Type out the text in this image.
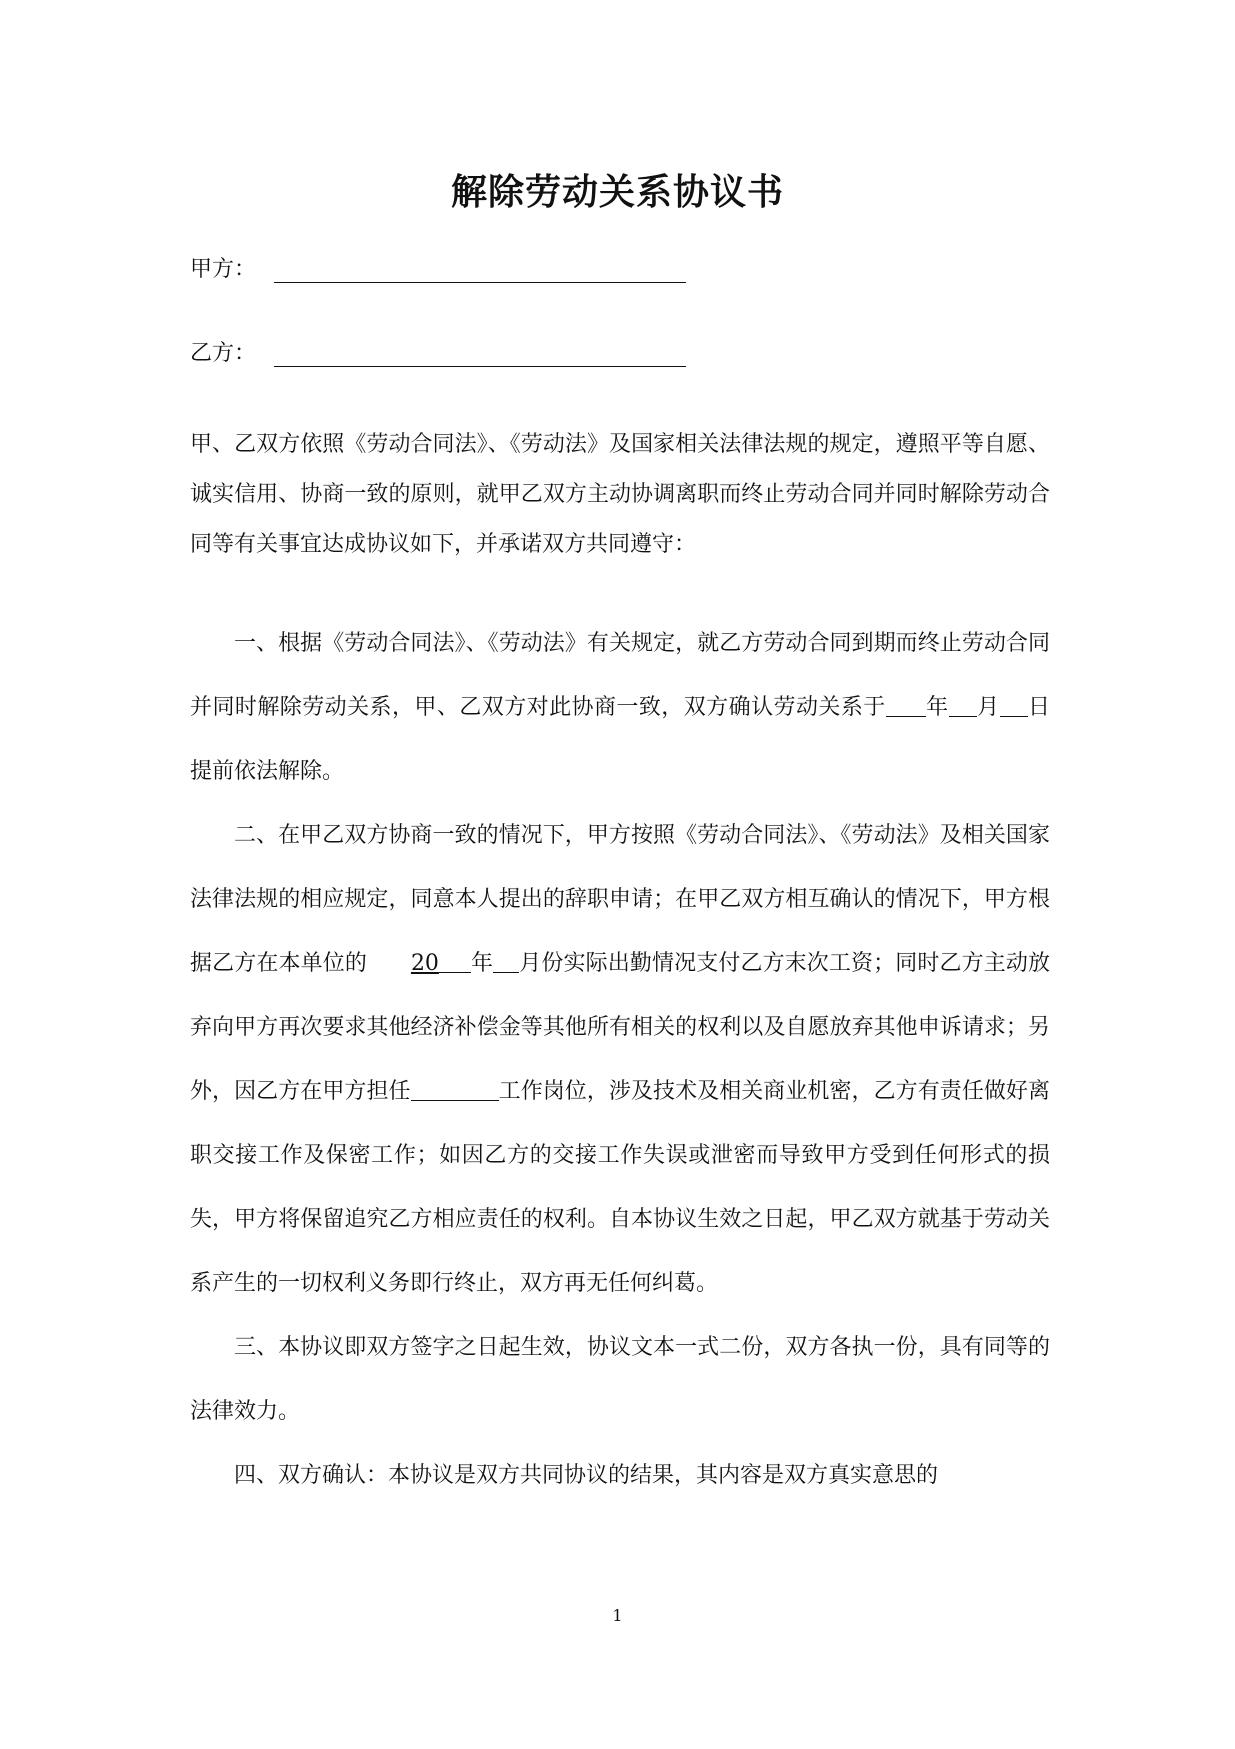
解除劳动关系协议书
甲方：
乙方：
甲、乙双方依照《劳动合同法》、《劳动法》及国家相关法律法规的规定，遵照平等自愿、诚实信用、协商一致的原则，就甲乙双方主动协调离职而终止劳动合同并同时解除劳动合同等有关事宜达成协议如下，并承诺双方共同遵守：

一、根据《劳动合同法》、《劳动法》有关规定，就乙方劳动合同到期而终止劳动合同并同时解除劳动关系，甲、乙双方对此协商一致，双方确认劳动关系于 年 月 日提前依法解除。

二、在甲乙双方协商一致的情况下，甲方按照《劳动合同法》、《劳动法》及相关国家法律法规的相应规定，同意本人提出的辞职申请；在甲乙双方相互确认的情况下，甲方根据乙方在本单位的 20 年 月份实际出勤情况支付乙方末次工资；同时乙方主动放弃向甲方再次要求其他经济补偿金等其他所有相关的权利以及自愿放弃其他申诉请求；另外，因乙方在甲方担任	工作岗位，涉及技术及相关商业机密，乙方有责任做好离职交接工作及保密工作；如因乙方的交接工作失误或泄密而导致甲方受到任何形式的损失，甲方将保留追究乙方相应责任的权利。自本协议生效之日起，甲乙双方就基于劳动关系产生的一切权利义务即行终止，双方再无任何纠葛。

三、本协议即双方签字之日起生效，协议文本一式二份，双方各执一份，具有同等的法律效力。

四、双方确认：本协议是双方共同协议的结果，其内容是双方真实意思的

1
